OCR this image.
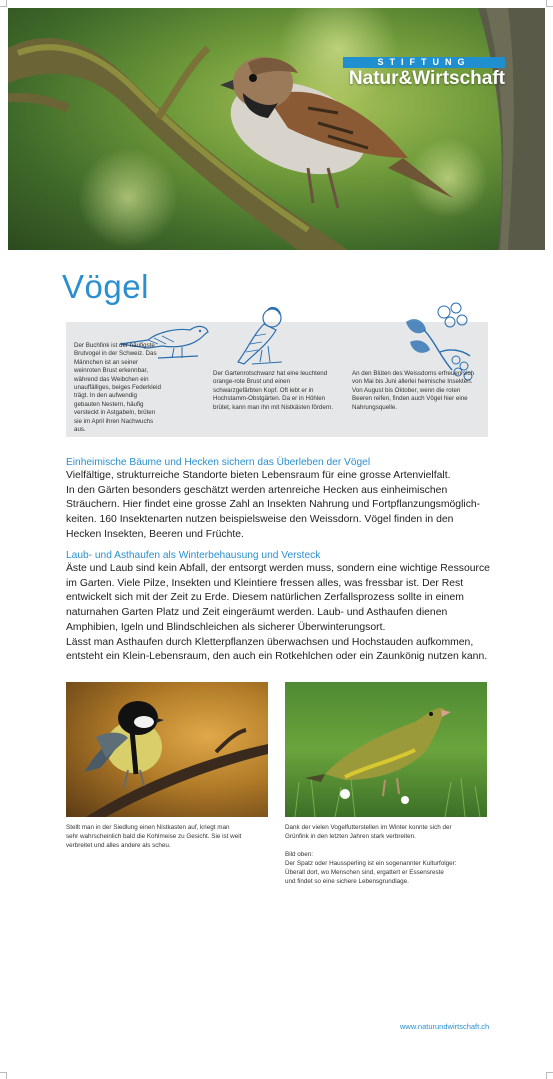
STIFTUNG
Natur&Wirtschaft
Vögel
Der Buchfink ist der häufigste Brutvogel in der Schweiz. Das Männchen ist an seiner weinroten Brust erkennbar, während das Weibchen ein unauffälliges, beiges Federkleid trägt. In den aufwendig gebauten Nestern, häufig versteckt in Astgabeln, brüten sie im April ihren Nachwuchs aus.
Der Gartenrotschwanz hat eine leuchtend orange-rote Brust und einen schwarzgefärbten Kopf. Oft lebt er in Hochstamm-Obstgärten. Da er in Höhlen brütet, kann man ihn mit Nistkästen fördern.
An den Blüten des Weissdorns erfreuen sich von Mai bis Juni allerlei heimische Insekten. Von August bis Oktober, wenn die roten Beeren reifen, finden auch Vögel hier eine Nahrungsquelle.
Einheimische Bäume und Hecken sichern das Überleben der Vögel
Vielfältige, strukturreiche Standorte bieten Lebensraum für eine grosse Artenvielfalt.
In den Gärten besonders geschätzt werden artenreiche Hecken aus einheimischen
Sträuchern. Hier findet eine grosse Zahl an Insekten Nahrung und Fortpflanzungsmöglich-
keiten. 160 Insektenarten nutzen beispielsweise den Weissdorn. Vögel finden in den
Hecken Insekten, Beeren und Früchte.
Laub- und Asthaufen als Winterbehausung und Versteck
Äste und Laub sind kein Abfall, der entsorgt werden muss, sondern eine wichtige Ressource
im Garten. Viele Pilze, Insekten und Kleintiere fressen alles, was fressbar ist. Der Rest
entwickelt sich mit der Zeit zu Erde. Diesem natürlichen Zerfallsprozess sollte in einem
naturnahen Garten Platz und Zeit eingeräumt werden. Laub- und Asthaufen dienen
Amphibien, Igeln und Blindschleichen als sicherer Überwinterungsort.
Lässt man Asthaufen durch Kletterpflanzen überwachsen und Hochstauden aufkommen,
entsteht ein Klein-Lebensraum, den auch ein Rotkehlchen oder ein Zaunkönig nutzen kann.
Stellt man in der Siedlung einen Nistkasten auf, kriegt man
sehr wahrscheinlich bald die Kohlmeise zu Gesicht. Sie ist weit
verbreitet und alles andere als scheu.
Dank der vielen Vogelfutterstellen im Winter konnte sich der
Grünfink in den letzten Jahren stark verbreiten.

Bild oben:
Der Spatz oder Haussperling ist ein sogenannter Kulturfolger:
Überall dort, wo Menschen sind, ergattert er Essensreste
und findet so eine sichere Lebensgrundlage.
www.naturundwirtschaft.ch
